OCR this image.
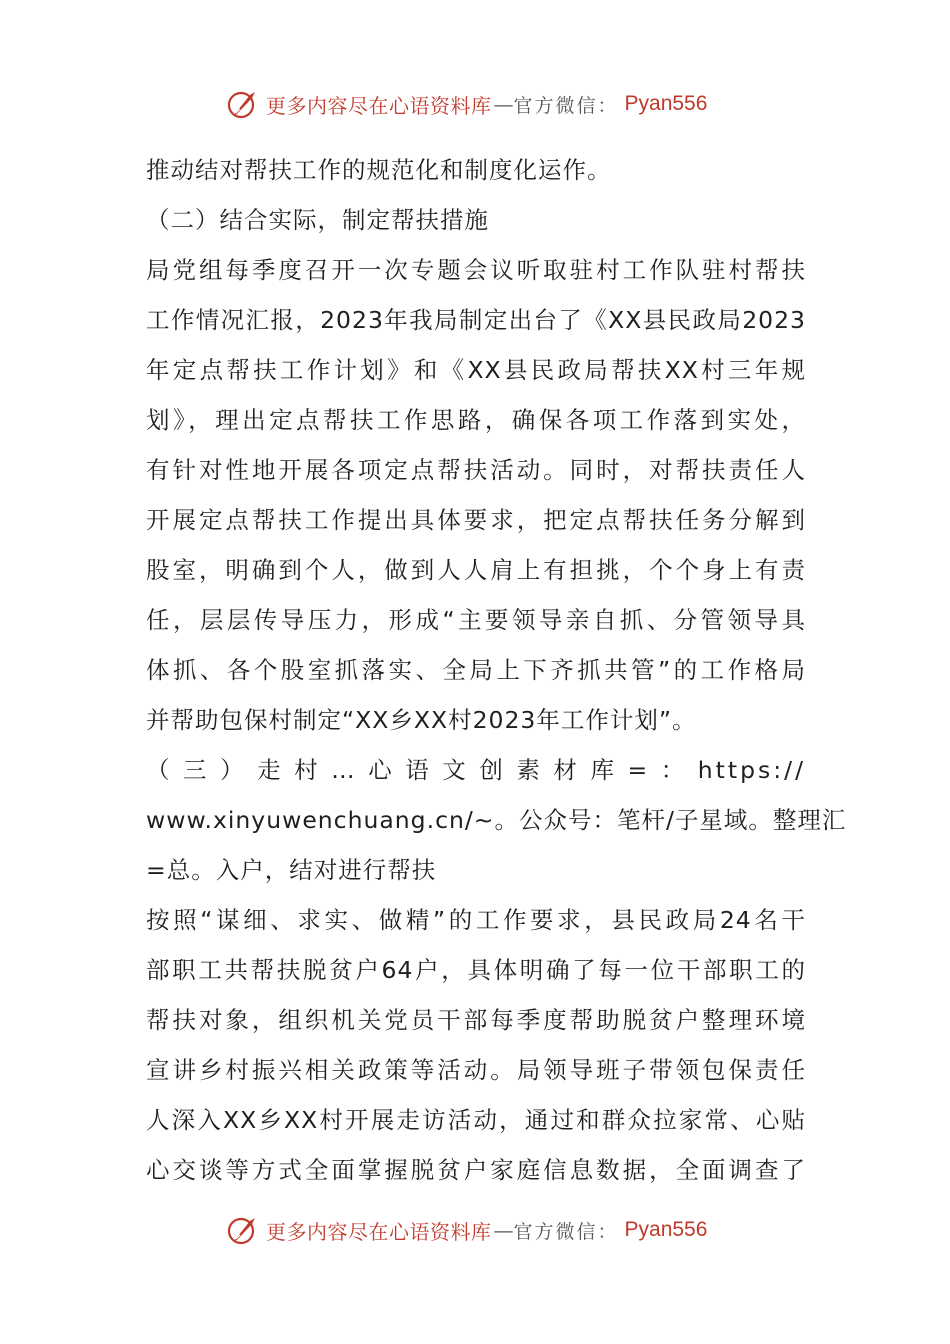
更多内容尽在心语资料库 — 官方微信： Pyan556
推动结对帮扶工作的规范化和制度化运作。
（二）结合实际，制定帮扶措施
局党组每季度召开一次专题会议听取驻村工作队驻村帮扶
工作情况汇报，2023年我局制定出台了《XX县民政局2023
年定点帮扶工作计划》和《XX县民政局帮扶XX村三年规
划》，理出定点帮扶工作思路，确保各项工作落到实处，
有针对性地开展各项定点帮扶活动。同时，对帮扶责任人
开展定点帮扶工作提出具体要求，把定点帮扶任务分解到
股室，明确到个人，做到人人肩上有担挑，个个身上有责
任，层层传导压力，形成“主要领导亲自抓、分管领导具
体抓、各个股室抓落实、全局上下齐抓共管”的工作格局
并帮助包保村制定“XX乡XX村2023年工作计划”。
（三）走村…心语文创素材库=：https://
www.xinyuwenchuang.cn/~。公众号：笔杆/子星域。整理汇
=总。入户，结对进行帮扶
按照“谋细、求实、做精”的工作要求，县民政局24名干
部职工共帮扶脱贫户64户，具体明确了每一位干部职工的
帮扶对象，组织机关党员干部每季度帮助脱贫户整理环境
宣讲乡村振兴相关政策等活动。局领导班子带领包保责任
人深入XX乡XX村开展走访活动，通过和群众拉家常、心贴
心交谈等方式全面掌握脱贫户家庭信息数据，全面调查了
更多内容尽在心语资料库 — 官方微信： Pyan556
